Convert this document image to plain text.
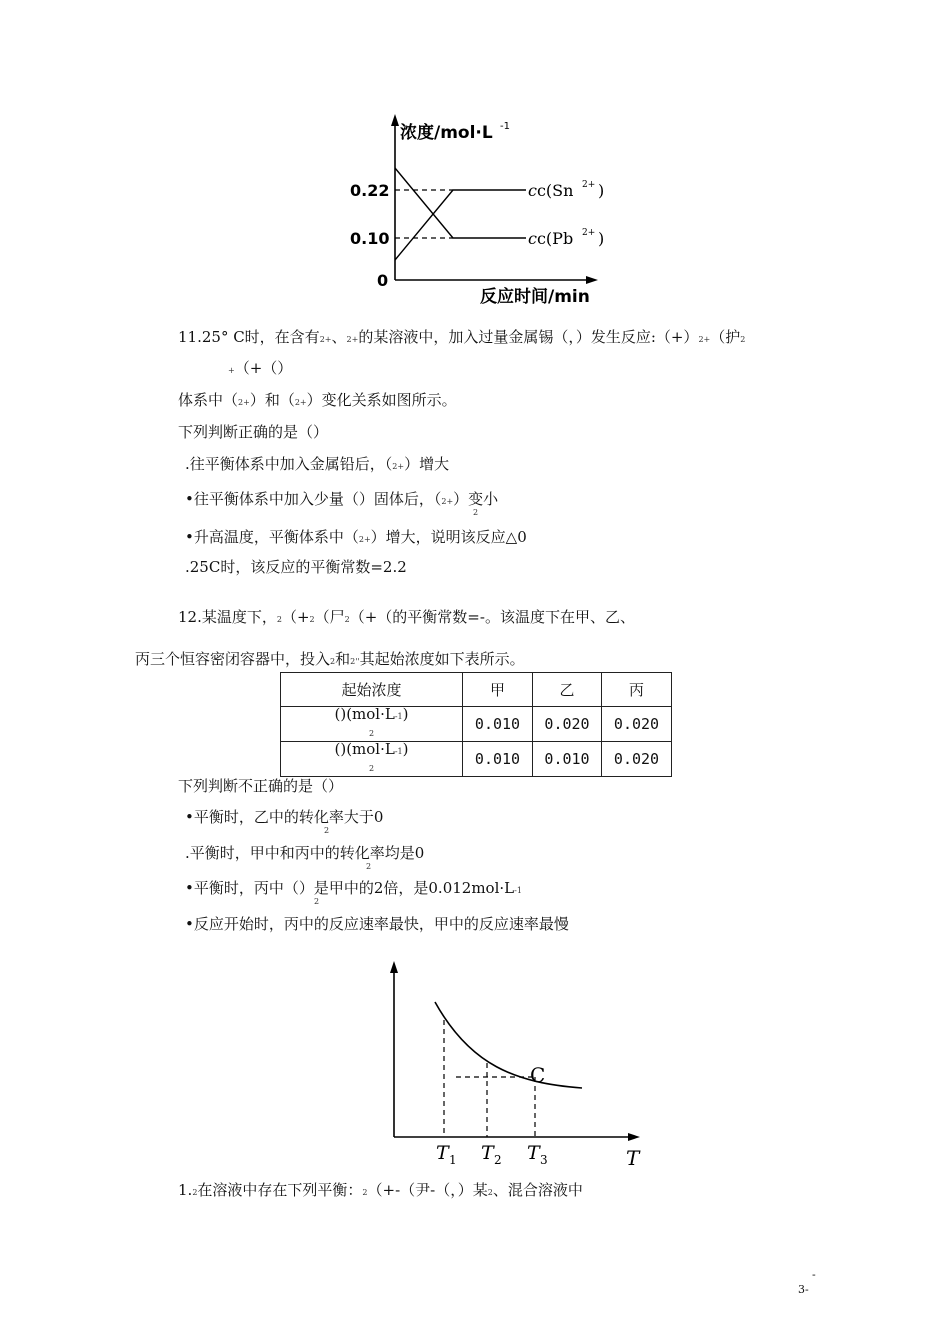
浓度/mol·L -1
0.22
0.10
0
反应时间/min
cc(Sn 2+ )
cc(Pb 2+ )
11.25° C时，在含有2+、2+的某溶液中，加入过量金属锡（，）发生反应:（+）2+（护2
+（+（）
体系中（2+）和（2+）变化关系如图所示。
下列判断正确的是（）
.往平衡体系中加入金属铅后，（2+）增大
•往平衡体系中加入少量（）固体后，（2+）变小
2
•升高温度，平衡体系中（2+）增大，说明该反应△0
.25C时，该反应的平衡常数=2.2
12.某温度下，2（+2（尸2（+（的平衡常数=-。该温度下在甲、乙、
丙三个恒容密闭容器中，投入2和2''其起始浓度如下表所示。
起始浓度	甲	乙	丙
()(mol·L-1)
2	0.010	0.020	0.020
()(mol·L-1)
2	0.010	0.010	0.020
下列判断不正确的是（）
•平衡时，乙中的转化率大于0
2
.平衡时，甲中和丙中的转化率均是0
2
•平衡时，丙中（）是甲中的2倍，是0.012mol·L-1
2
•反应开始时，丙中的反应速率最快，甲中的反应速率最慢
C
T 1 T 2 T 3	T
1.2在溶液中存在下列平衡：2（+-（尹-（，）某2、混合溶液中
-
3-
